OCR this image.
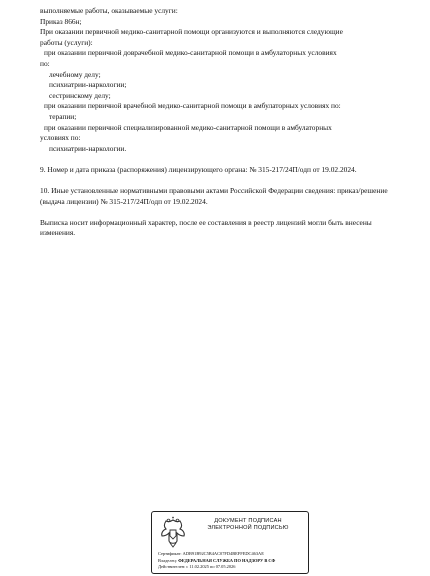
выполняемые работы, оказываемые услуги:
Приказ 866н;
При оказании первичной медико-санитарной помощи организуются и выполняются следующие
работы (услуги):
при оказании первичной доврачебной медико-санитарной помощи в амбулаторных условиях
по:
лечебному делу;
психиатрии-наркологии;
сестринскому делу;
при оказании первичной врачебной медико-санитарной помощи в амбулаторных условиях по:
терапии;
при оказании первичной специализированной медико-санитарной помощи в амбулаторных
условиях по:
психиатрии-наркологии.
9. Номер и дата приказа (распоряжения) лицензирующего органа: № 315-217/24П/одп от 19.02.2024.
10. Иные установленные нормативными правовыми актами Российской Федерации сведения: приказ/решение (выдача лицензии) № 315-217/24П/одп от 19.02.2024.
Выписка носит информационный характер, после ее составления в реестр лицензий могли быть внесены изменения.
ДОКУМЕНТ ПОДПИСАН
ЭЛЕКТРОННОЙ ПОДПИСЬЮ
Сертификат: ADB91B92C5B4AC07FD4BEFFEDC463AE
Владелец: ФЕДЕРАЛЬНАЯ СЛУЖБА ПО НАДЗОРУ В СФ
Действителен: с 11.02.2025 по 07.05.2026
